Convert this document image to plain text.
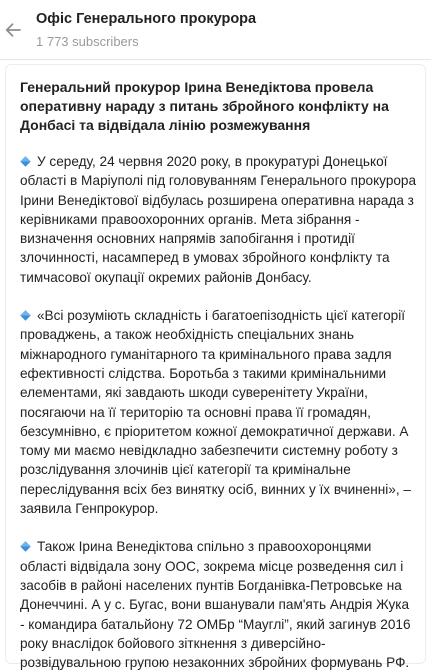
Офіс Генерального прокурора
1 773 subscribers

Генеральний прокурор Ірина Венедіктова провела оперативну нараду з питань збройного конфлікту на Донбасі та відвідала лінію розмежування

У середу, 24 червня 2020 року, в прокуратурі Донецької області в Маріуполі під головуванням Генерального прокурора Ірини Венедіктової відбулась розширена оперативна нарада з керівниками правоохоронних органів. Мета зібрання - визначення основних напрямів запобігання і протидії злочинності, насамперед в умовах збройного конфлікту та тимчасової окупації окремих районів Донбасу.

«Всі розуміють складність і багатоепізодність цієї категорії проваджень, а також необхідність спеціальних знань міжнародного гуманітарного та кримінального права задля ефективності слідства. Боротьба з такими кримінальними елементами, які завдають шкоди суверенітету України, посягаючи на її територію та основні права її громадян, безсумнівно, є пріоритетом кожної демократичної держави. А тому ми маємо невідкладно забезпечити системну роботу з розслідування злочинів цієї категорії та кримінальне переслідування всіх без винятку осіб, винних у їх вчиненні», – заявила Генпрокурор.

Також Ірина Венедіктова спільно з правоохоронцями області відвідала зону ООС, зокрема місце розведення сил і засобів в районі населених пунтів Богданівка-Петровське на Донеччині. А у с. Бугас, вони вшанували пам'ять Андрія Жука - командира батальйону 72 ОМБр “Мауглі”, який загинув 2016 року внаслідок бойового зіткнення з диверсійно-розвідувальною групою незаконних збройних формувань РФ.
